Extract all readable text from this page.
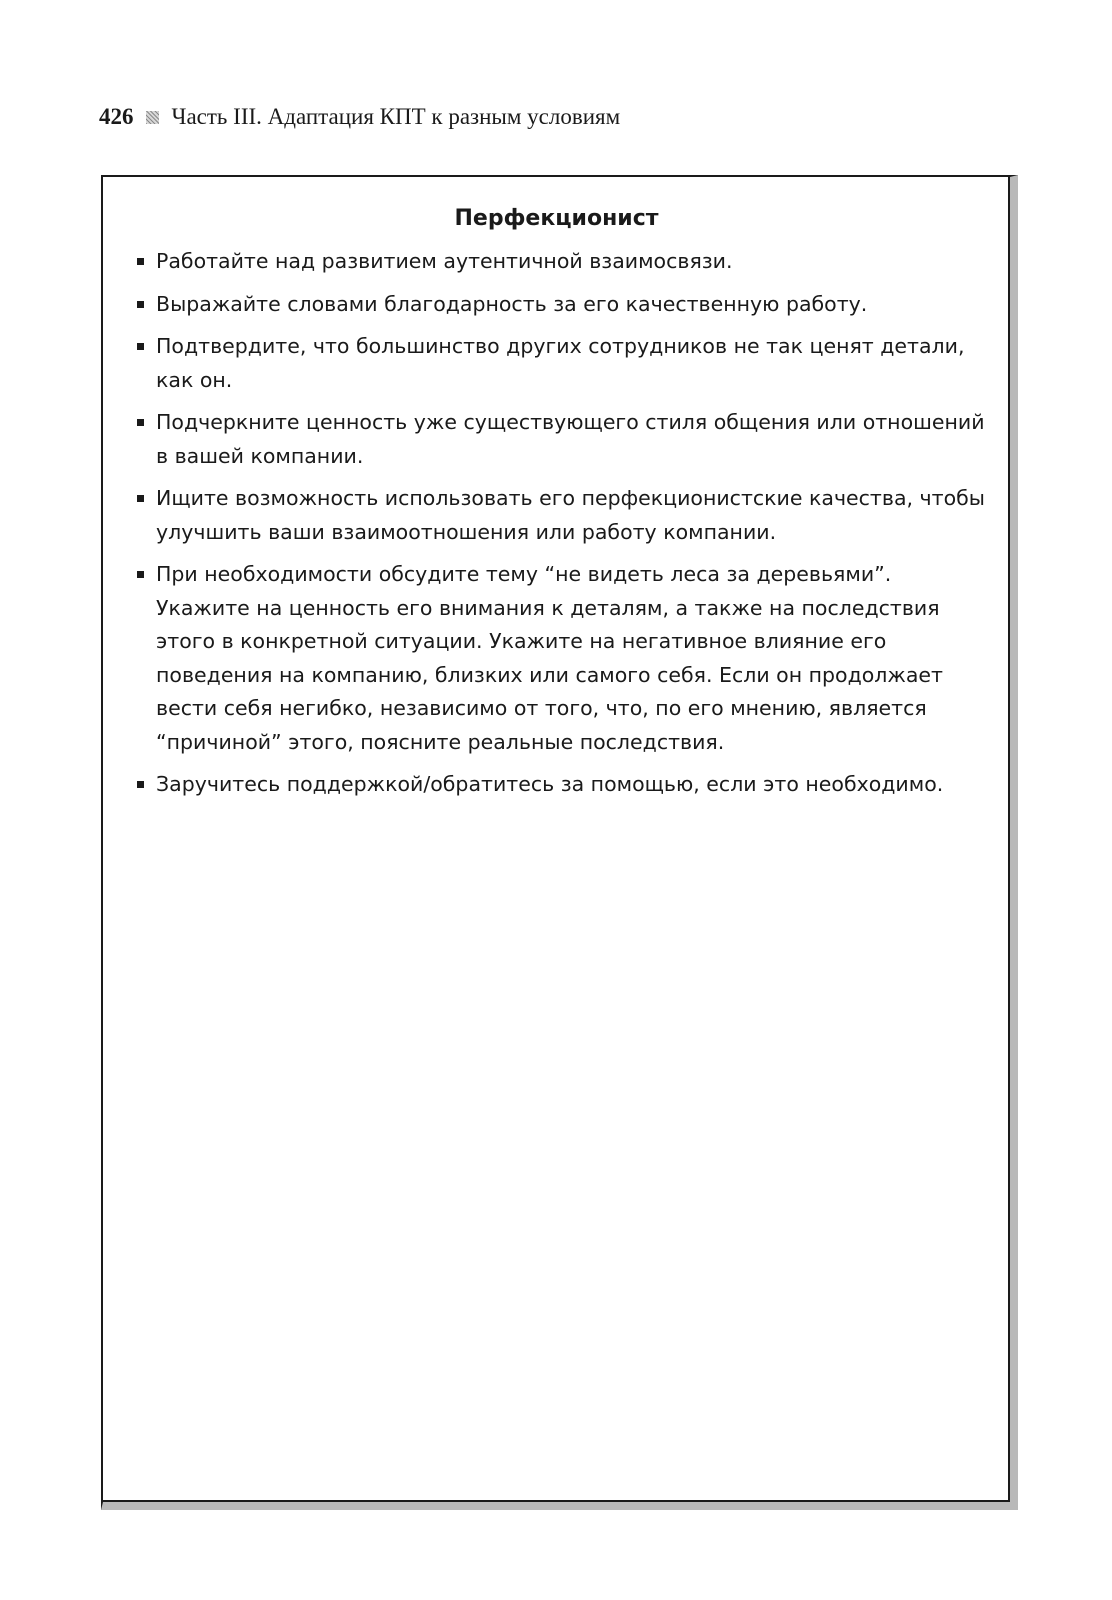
426 Часть III. Адаптация КПТ к разным условиям
Перфекционист
Работайте над развитием аутентичной взаимосвязи.
Выражайте словами благодарность за его качественную работу.
Подтвердите, что большинство других сотрудников не так ценят детали, как он.
Подчеркните ценность уже существующего стиля общения или отношений в вашей компании.
Ищите возможность использовать его перфекционистские качества, чтобы улучшить ваши взаимоотношения или работу компании.
При необходимости обсудите тему “не видеть леса за деревьями”. Укажите на ценность его внимания к деталям, а также на последствия этого в конкретной ситуации. Укажите на негативное влияние его поведения на компанию, близких или самого себя. Если он продолжает вести себя негибко, независимо от того, что, по его мнению, является “причиной” этого, поясните реальные последствия.
Заручитесь поддержкой/обратитесь за помощью, если это необходимо.
